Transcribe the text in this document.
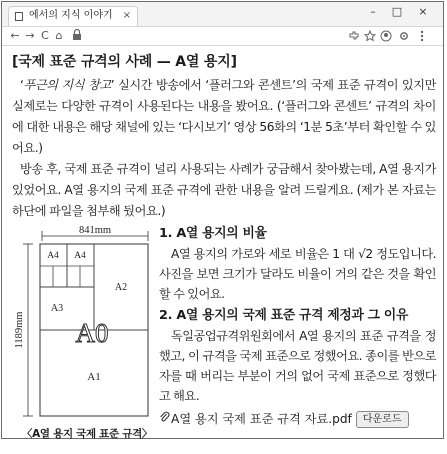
에서의 지식 이야기 ×	–	□	×
← → C ⌂
[국제 표준 규격의 사례 — A열 용지]

‘푸근의 지식 창고’ 실시간 방송에서 ‘플러그와 콘센트’의 국제 표준 규격이 있지만 실제로는 다양한 규격이 사용된다는 내용을 봤어요. (‘플러그와 콘센트’ 규격의 차이에 대한 내용은 해당 채널에 있는 ‘다시보기’ 영상 56화의 ‘1분 5초’부터 확인할 수 있어요.)

방송 후, 국제 표준 규격이 널리 사용되는 사례가 궁금해서 찾아봤는데, A열 용지가 있었어요. A열 용지의 국제 표준 규격에 관한 내용을 알려 드릴게요. (제가 본 자료는 하단에 파일을 첨부해 뒀어요.)

841mm
1189mm
A4 A4
A3
A2
A1
A0
〈A열 용지 국제 표준 규격〉

1. A열 용지의 비율

A열 용지의 가로와 세로 비율은 1 대 √2 정도입니다. 사진을 보면 크기가 달라도 비율이 거의 같은 것을 확인할 수 있어요.

2. A열 용지의 국제 표준 규격 제정과 그 이유

독일공업규격위원회에서 A열 용지의 표준 규격을 정했고, 이 규격을 국제 표준으로 정했어요. 종이를 반으로 자를 때 버리는 부분이 거의 없어 국제 표준으로 정했다고 해요.

A열 용지 국제 표준 규격 자료.pdf 다운로드
